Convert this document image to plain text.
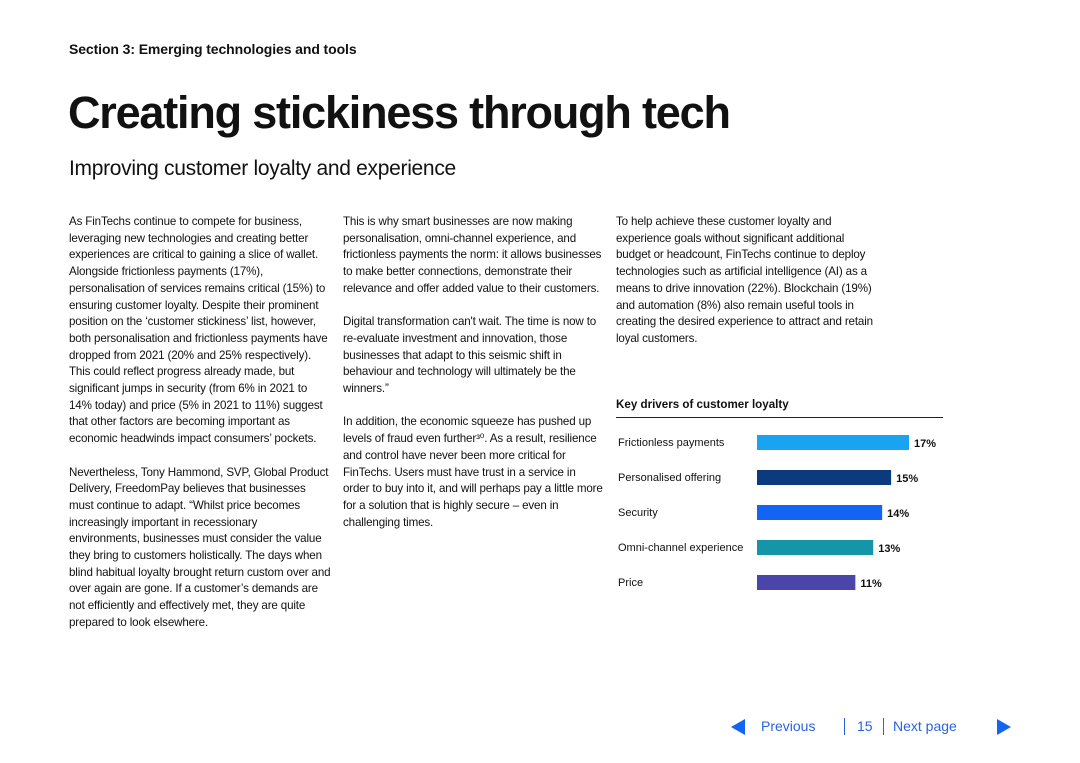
Section 3: Emerging technologies and tools
Creating stickiness through tech
Improving customer loyalty and experience

As FinTechs continue to compete for business, leveraging new technologies and creating better experiences are critical to gaining a slice of wallet. Alongside frictionless payments (17%), personalisation of services remains critical (15%) to ensuring customer loyalty. Despite their prominent position on the ‘customer stickiness’ list, however, both personalisation and frictionless payments have dropped from 2021 (20% and 25% respectively). This could reflect progress already made, but significant jumps in security (from 6% in 2021 to 14% today) and price (5% in 2021 to 11%) suggest that other factors are becoming important as economic headwinds impact consumers’ pockets.

Nevertheless, Tony Hammond, SVP, Global Product Delivery, FreedomPay believes that businesses must continue to adapt. “Whilst price becomes increasingly important in recessionary environments, businesses must consider the value they bring to customers holistically. The days when blind habitual loyalty brought return custom over and over again are gone. If a customer’s demands are not efficiently and effectively met, they are quite prepared to look elsewhere.

This is why smart businesses are now making personalisation, omni-channel experience, and frictionless payments the norm: it allows businesses to make better connections, demonstrate their relevance and offer added value to their customers.

Digital transformation can't wait. The time is now to re-evaluate investment and innovation, those businesses that adapt to this seismic shift in behaviour and technology will ultimately be the winners.”

In addition, the economic squeeze has pushed up levels of fraud even further³⁰. As a result, resilience and control have never been more critical for FinTechs. Users must have trust in a service in order to buy into it, and will perhaps pay a little more for a solution that is highly secure – even in challenging times.

To help achieve these customer loyalty and experience goals without significant additional budget or headcount, FinTechs continue to deploy technologies such as artificial intelligence (AI) as a means to drive innovation (22%). Blockchain (19%) and automation (8%) also remain useful tools in creating the desired experience to attract and retain loyal customers.

Key drivers of customer loyalty
Frictionless payments	17%
Personalised offering	15%
Security	14%
Omni-channel experience	13%
Price	11%
Previous	15 Next page
